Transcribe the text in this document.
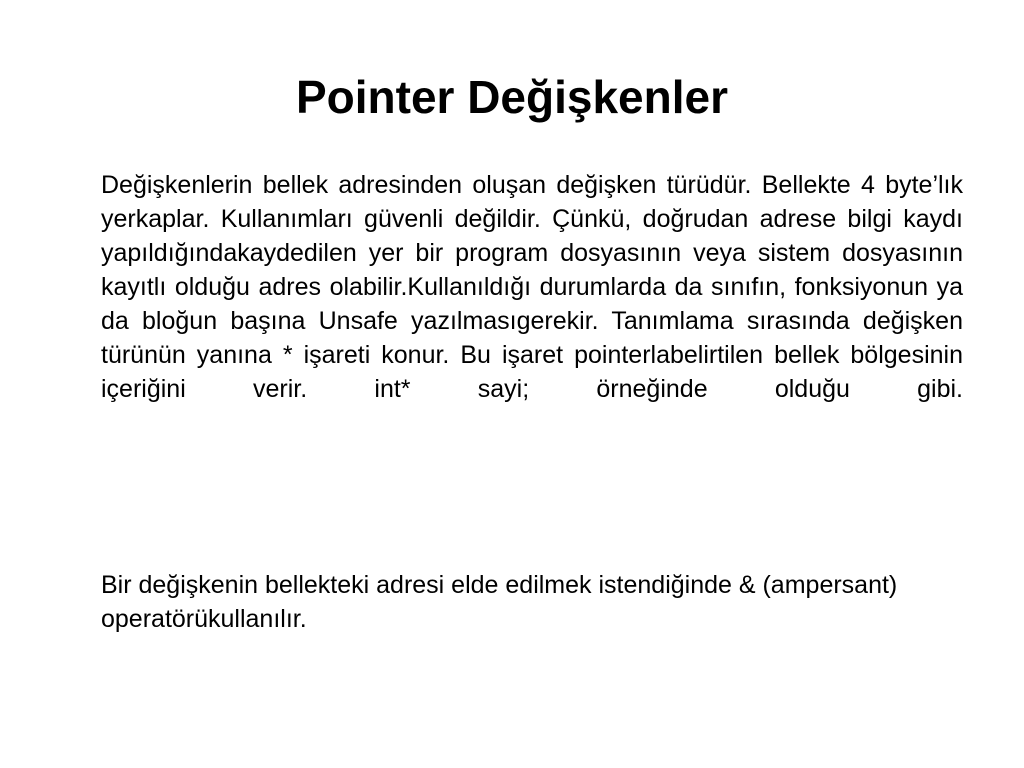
Pointer Değişkenler

Değişkenlerin bellek adresinden oluşan değişken türüdür. Bellekte 4 byte’lık yerkaplar. Kullanımları güvenli değildir. Çünkü, doğrudan adrese bilgi kaydı yapıldığındakaydedilen yer bir program dosyasının veya sistem dosyasının kayıtlı olduğu adres olabilir.Kullanıldığı durumlarda da sınıfın, fonksiyonun ya da bloğun başına Unsafe yazılmasıgerekir. Tanımlama sırasında değişken türünün yanına * işareti konur. Bu işaret pointerlabelirtilen bellek bölgesinin içeriğini verir. int* sayi; örneğinde olduğu gibi.

Bir değişkenin bellekteki adresi elde edilmek istendiğinde & (ampersant) operatörükullanılır.
